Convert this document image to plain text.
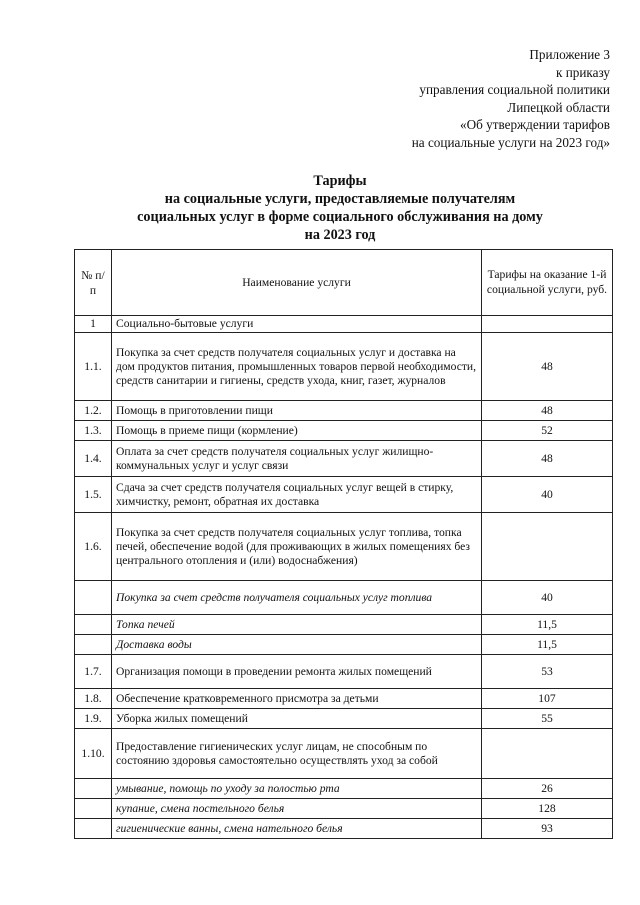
Приложение 3
к приказу
управления социальной политики
Липецкой области
«Об утверждении тарифов
на социальные услуги на 2023 год»
Тарифы
на социальные услуги, предоставляемые получателям
социальных услуг в форме социального обслуживания на дому
на 2023 год
№ п/п	Наименование услуги	Тарифы на оказание 1-й социальной услуги, руб.
1	Социально-бытовые услуги	
1.1.	Покупка за счет средств получателя социальных услуг и доставка на дом продуктов питания, промышленных товаров первой необходимости, средств санитарии и гигиены, средств ухода, книг, газет, журналов	48
1.2.	Помощь в приготовлении пищи	48
1.3.	Помощь в приеме пищи (кормление)	52
1.4.	Оплата за счет средств получателя социальных услуг жилищно-коммунальных услуг и услуг связи	48
1.5.	Сдача за счет средств получателя социальных услуг вещей в стирку, химчистку, ремонт, обратная их доставка	40
1.6.	Покупка за счет средств получателя социальных услуг топлива, топка печей, обеспечение водой (для проживающих в жилых помещениях без центрального отопления и (или) водоснабжения)	
	Покупка за счет средств получателя социальных услуг топлива	40
	Топка печей	11,5
	Доставка воды	11,5
1.7.	Организация помощи в проведении ремонта жилых помещений	53
1.8.	Обеспечение кратковременного присмотра за детьми	107
1.9.	Уборка жилых помещений	55
1.10.	Предоставление гигиенических услуг лицам, не способным по состоянию здоровья самостоятельно осуществлять уход за собой	
	умывание, помощь по уходу за полостью рта	26
	купание, смена постельного белья	128
	гигиенические ванны, смена нательного белья	93
